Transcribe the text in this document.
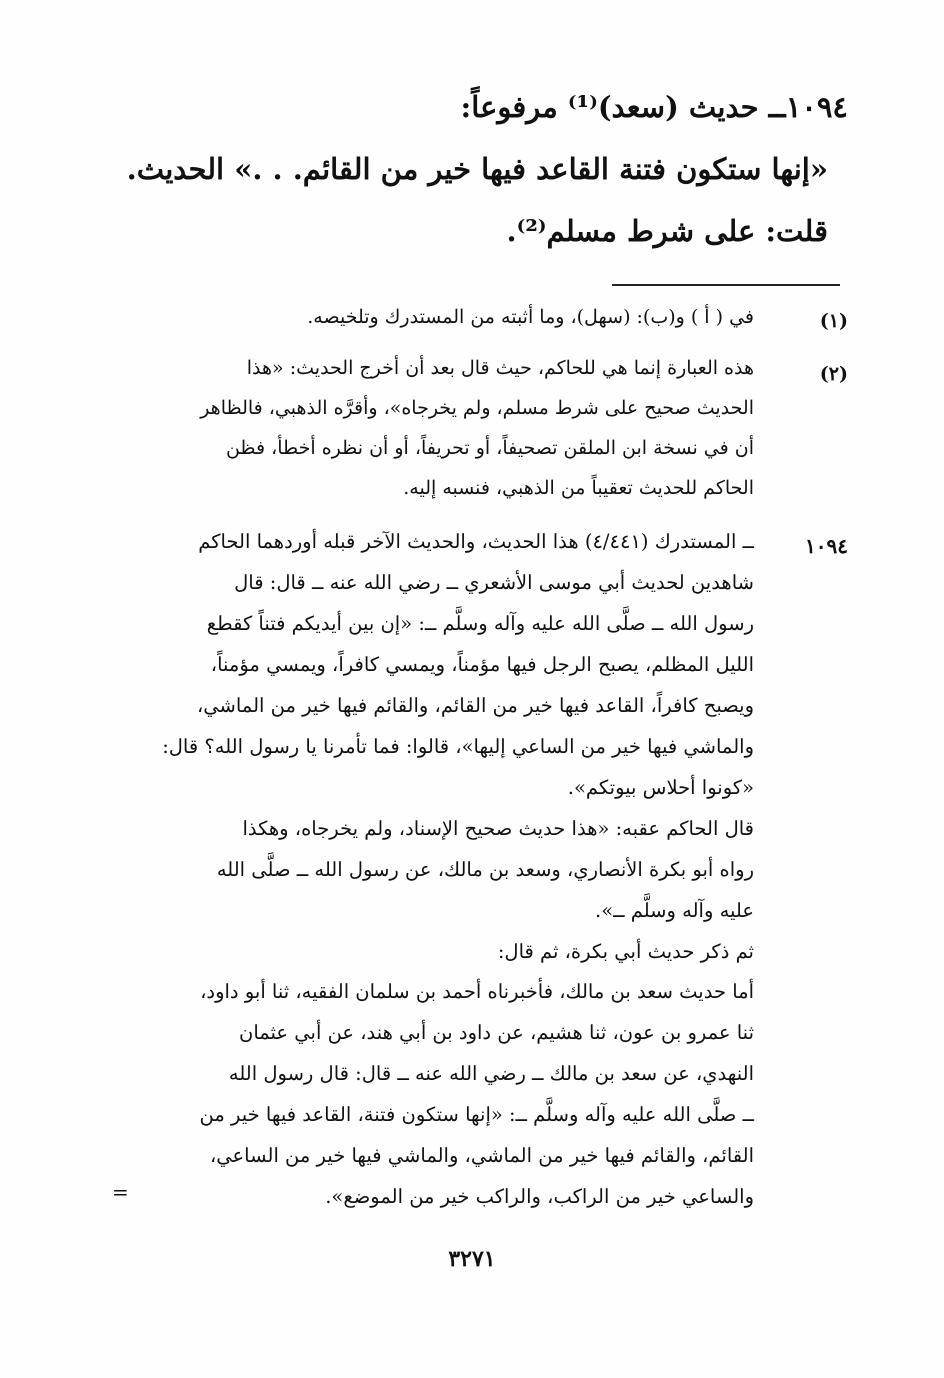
١٠٩٤ــ حديث (سعد)⁽¹⁾ مرفوعاً:
«إنها ستكون فتنة القاعد فيها خير من القائم. . .» الحديث.
قلت: على شرط مسلم⁽²⁾.
(١)
في ( أ ) و(ب): (سهل)، وما أثبته من المستدرك وتلخيصه.
(٢)
هذه العبارة إنما هي للحاكم، حيث قال بعد أن أخرج الحديث: «هذا
الحديث صحيح على شرط مسلم، ولم يخرجاه»، وأقرَّه الذهبي، فالظاهر
أن في نسخة ابن الملقن تصحيفاً، أو تحريفاً، أو أن نظره أخطأ، فظن
الحاكم للحديث تعقيباً من الذهبي، فنسبه إليه.
١٠٩٤
ــ المستدرك (٤/٤٤١) هذا الحديث، والحديث الآخر قبله أوردهما الحاكم
شاهدين لحديث أبي موسى الأشعري ــ رضي الله عنه ــ قال: قال
رسول الله ــ صلَّى الله عليه وآله وسلَّم ــ: «إن بين أيديكم فتناً كقطع
الليل المظلم، يصبح الرجل فيها مؤمناً، ويمسي كافراً، ويمسي مؤمناً،
ويصبح كافراً، القاعد فيها خير من القائم، والقائم فيها خير من الماشي،
والماشي فيها خير من الساعي إليها»، قالوا: فما تأمرنا يا رسول الله؟ قال:
«كونوا أحلاس بيوتكم».
قال الحاكم عقبه: «هذا حديث صحيح الإسناد، ولم يخرجاه، وهكذا
رواه أبو بكرة الأنصاري، وسعد بن مالك، عن رسول الله ــ صلَّى الله
عليه وآله وسلَّم ــ».
ثم ذكر حديث أبي بكرة، ثم قال:
أما حديث سعد بن مالك، فأخبرناه أحمد بن سلمان الفقيه، ثنا أبو داود،
ثنا عمرو بن عون، ثنا هشيم، عن داود بن أبي هند، عن أبي عثمان
النهدي، عن سعد بن مالك ــ رضي الله عنه ــ قال: قال رسول الله
ــ صلَّى الله عليه وآله وسلَّم ــ: «إنها ستكون فتنة، القاعد فيها خير من
القائم، والقائم فيها خير من الماشي، والماشي فيها خير من الساعي،
والساعي خير من الراكب، والراكب خير من الموضع».
=
٣٢٧١
